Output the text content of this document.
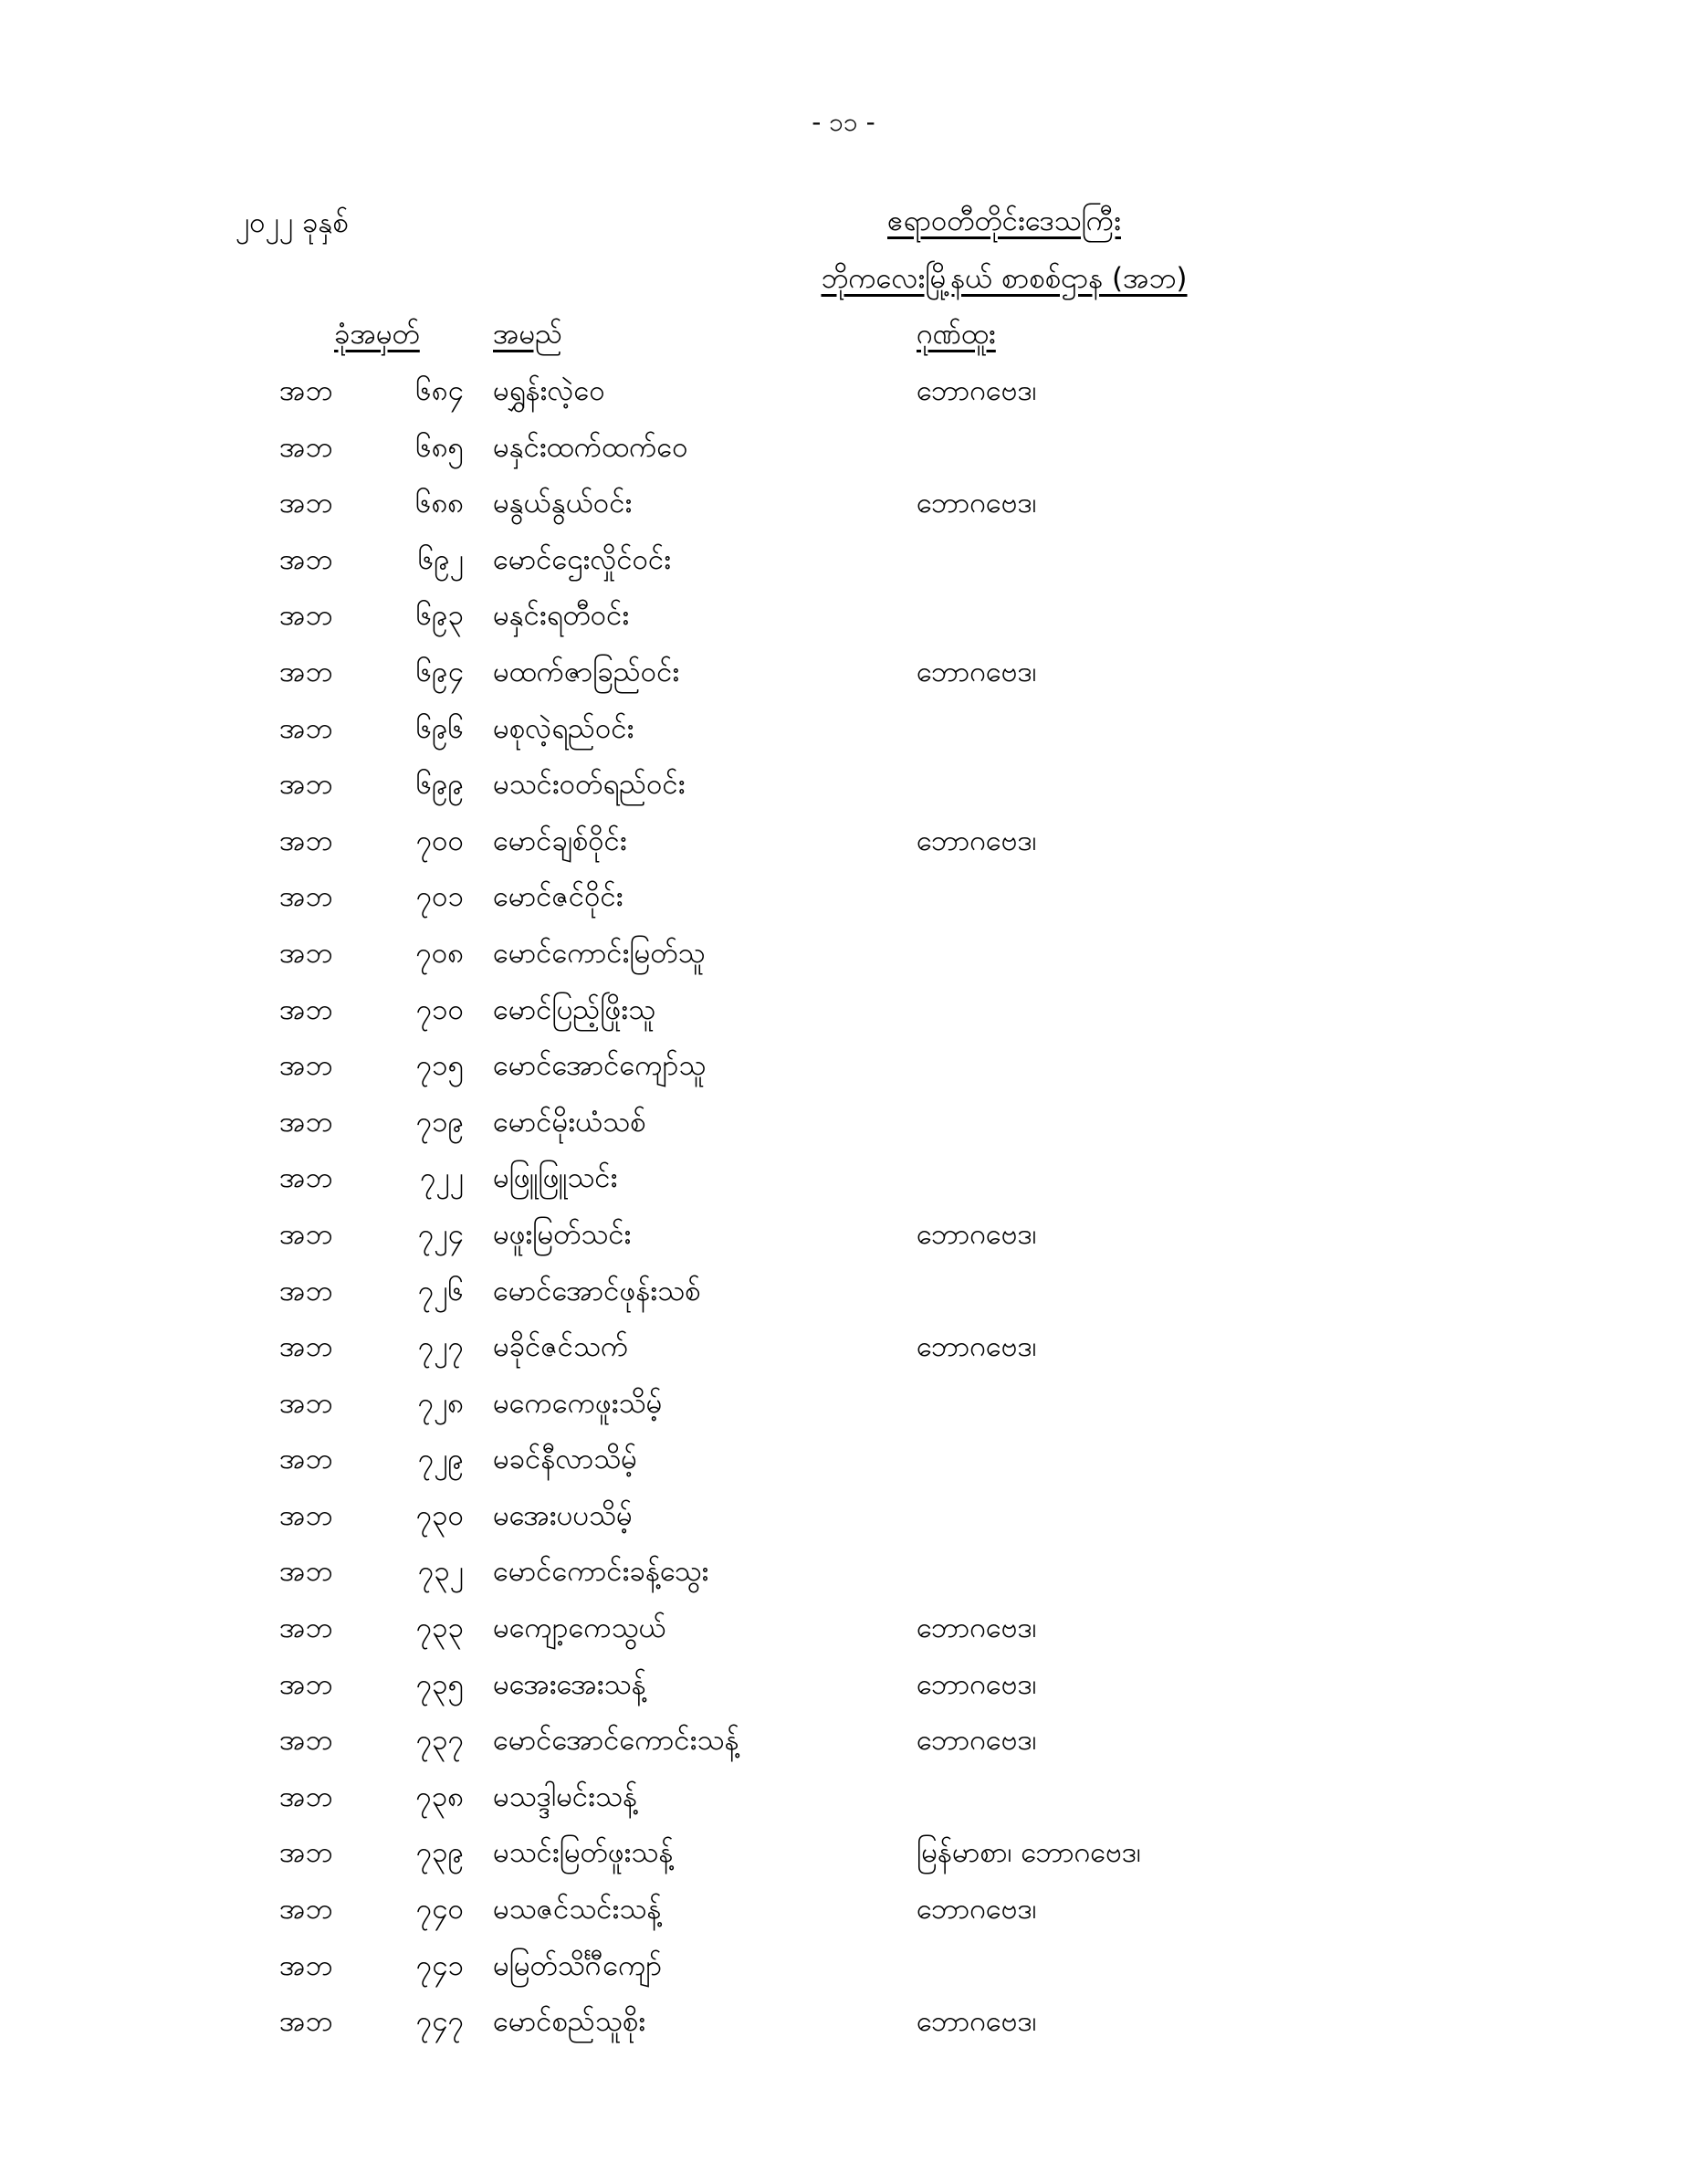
- ၁၁ -
၂၀၂၂ ခုနှစ်	ဧရာဝတီတိုင်းဒေသကြီး
ဘိုကလေးမြို့နယ် စာစစ်ဌာန (အဘ)
ခုံအမှတ်	အမည်	ဂုဏ်ထူး
အဘ	၆၈၄ မရွှန်းလဲ့ဝေ	ဘောဂဗေဒ၊
အဘ	၆၈၅ မနှင်းထက်ထက်ဝေ
အဘ	၆၈၈ မနွယ်နွယ်ဝင်း	ဘောဂဗေဒ၊
အဘ	၆၉၂ မောင်ဌေးလှိုင်ဝင်း
အဘ	၆၉၃ မနှင်းရတီဝင်း
အဘ	၆၉၄ မထက်ဇာခြည်ဝင်း	ဘောဂဗေဒ၊
အဘ	၆၉၆ မစုလဲ့ရည်ဝင်း
အဘ	၆၉၉ မသင်းဝတ်ရည်ဝင်း
အဘ	၇၀၀ မောင်ချစ်ဝိုင်း	ဘောဂဗေဒ၊
အဘ	၇၀၁ မောင်ဇင်ဝိုင်း
အဘ	၇၀၈ မောင်ကောင်းမြတ်သူ
အဘ	၇၁၀ မောင်ပြည့်ဖြိုးသူ
အဘ	၇၁၅ မောင်အောင်ကျော်သူ
အဘ	၇၁၉ မောင်မိုးယံသစ်
အဘ	၇၂၂ မဖြူဖြူသင်း
အဘ	၇၂၄ မဖူးမြတ်သင်း	ဘောဂဗေဒ၊
အဘ	၇၂၆ မောင်အောင်ဖုန်းသစ်
အဘ	၇၂၇ မခိုင်ဇင်သက်	ဘောဂဗေဒ၊
အဘ	၇၂၈ မကေကေဖူးသိမ့်
အဘ	၇၂၉ မခင်နီလာသိမ့်
အဘ	၇၃၀ မအေးပပသိမ့်
အဘ	၇၃၂ မောင်ကောင်းခန့်သွေး
အဘ	၇၃၃ မကျော့ကေသွယ်	ဘောဂဗေဒ၊
အဘ	၇၃၅ မအေးအေးသန့်	ဘောဂဗေဒ၊
အဘ	၇၃၇ မောင်အောင်ကောင်းသန့်	ဘောဂဗေဒ၊
အဘ	၇၃၈ မသဒ္ဒါမင်းသန့်
အဘ	၇၃၉ မသင်းမြတ်ဖူးသန့်	မြန်မာစာ၊ ဘောဂဗေဒ၊
အဘ	၇၄၀ မသဇင်သင်းသန့်	ဘောဂဗေဒ၊
အဘ	၇၄၁ မမြတ်သိင်္ဂီကျော်
အဘ	၇၄၇ မောင်စည်သူစိုး	ဘောဂဗေဒ၊
